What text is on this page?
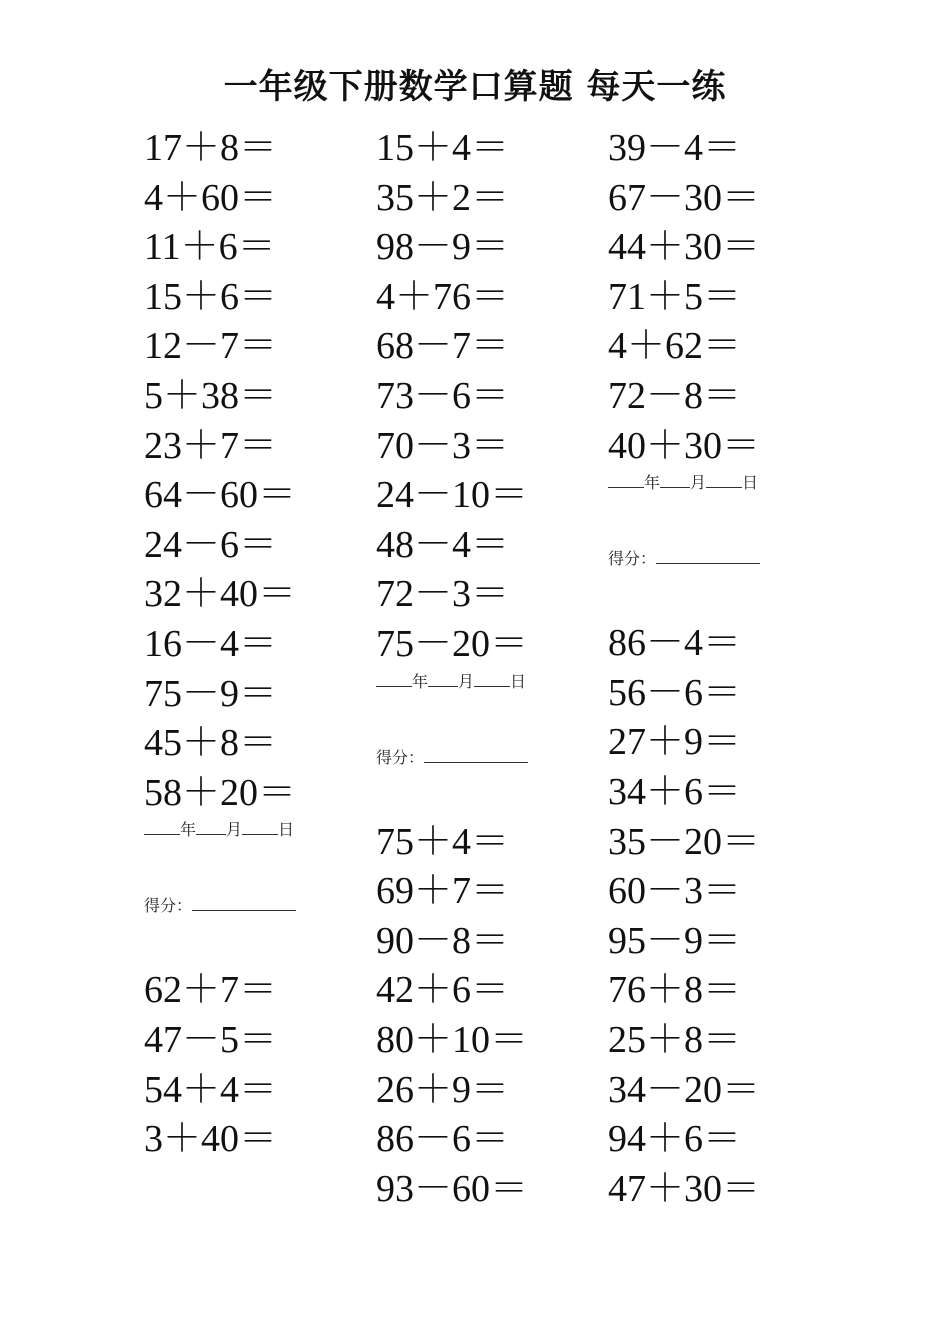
一年级下册数学口算题 每天一练
17＋8＝
4＋60＝
11＋6＝
15＋6＝
12－7＝
5＋38＝
23＋7＝
64－60＝
24－6＝
32＋40＝
16－4＝
75－9＝
45＋8＝
58＋20＝
年 月 日
得分：
62＋7＝
47－5＝
54＋4＝
3＋40＝
15＋4＝
35＋2＝
98－9＝
4＋76＝
68－7＝
73－6＝
70－3＝
24－10＝
48－4＝
72－3＝
75－20＝
年 月 日
得分：
75＋4＝
69＋7＝
90－8＝
42＋6＝
80＋10＝
26＋9＝
86－6＝
93－60＝
39－4＝
67－30＝
44＋30＝
71＋5＝
4＋62＝
72－8＝
40＋30＝
年 月 日
得分：
86－4＝
56－6＝
27＋9＝
34＋6＝
35－20＝
60－3＝
95－9＝
76＋8＝
25＋8＝
34－20＝
94＋6＝
47＋30＝
